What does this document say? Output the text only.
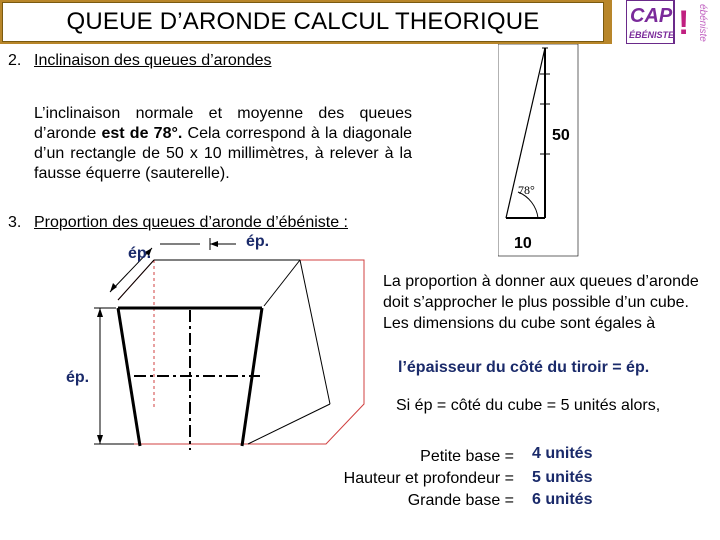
QUEUE D’ARONDE CALCUL THEORIQUE	CAP
ÉBÉNISTE ! ébéniste
2. Inclinaison des queues d’arondes
L’inclinaison normale et moyenne des queues d’aronde est de 78°. Cela correspond à la diagonale d’un rectangle de 50 x 10 millimètres, à relever à la fausse équerre (sauterelle).
50
10
78°
3. Proportion des queues d’aronde d’ébéniste :
ép.
ép.
ép.
La proportion à donner aux queues d’aronde doit s’approcher le plus possible d’un cube. Les dimensions du cube sont égales à
l’épaisseur du côté du tiroir = ép.
Si ép = côté du cube = 5 unités alors,
Petite base = 4 unités
Hauteur et profondeur = 5 unités
Grande base = 6 unités
